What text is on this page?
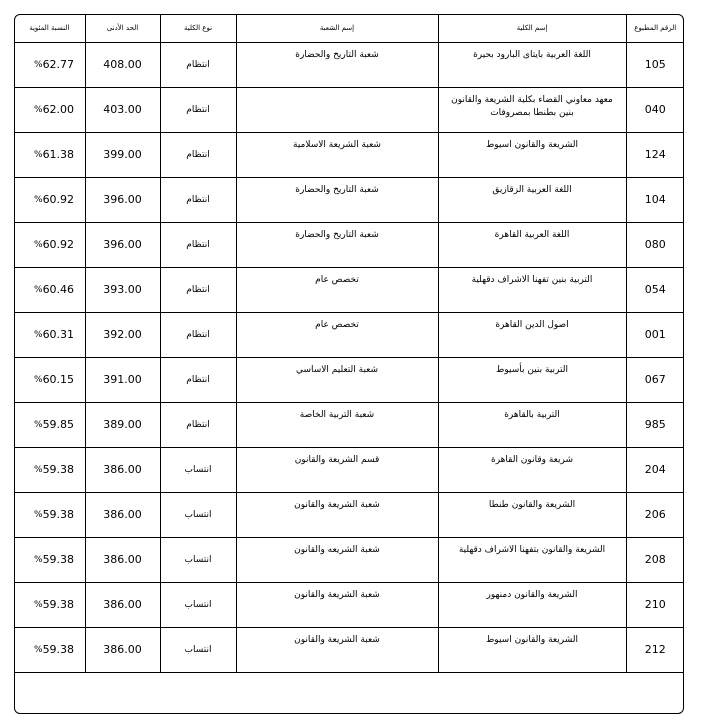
الرقم المطبوع	إسم الكلية	إسم الشعبة	نوع الكلية	الحد الأدنى	النسبة المئوية
105	اللغة العربية بايتاى البارود بحيرة	شعبة التاريخ والحضارة	انتظام	408.00	% 62.77

040	معهد معاوني القضاء بكلية الشريعة والقانون بنين بطنطا بمصروفات		انتظام	403.00	% 62.00

124	الشريعة والقانون اسيوط	شعبة الشريعة الاسلامية	انتظام	399.00	% 61.38

104	اللغة العربية الزقازيق	شعبة التاريخ والحضارة	انتظام	396.00	% 60.92

080	اللغة العربية القاهرة	شعبة التاريخ والحضارة	انتظام	396.00	% 60.92

054	التربية بنين تفهنا الاشراف دقهلية	تخصص عام	انتظام	393.00	% 60.46

001	اصول الدين القاهرة	تخصص عام	انتظام	392.00	% 60.31

067	التربية بنين بأسيوط	شعبة التعليم الاساسي	انتظام	391.00	% 60.15

985	التربية بالقاهرة	شعبة التربية الخاصة	انتظام	389.00	% 59.85

204	شريعة وقانون القاهرة	قسم الشريعة والقانون	انتساب	386.00	% 59.38

206	الشريعة والقانون طنطا	شعبة الشريعة والقانون	انتساب	386.00	% 59.38

208	الشريعة والقانون بتفهنا الاشراف دقهلية	شعبة الشريعه والقانون	انتساب	386.00	% 59.38

210	الشريعة والقانون دمنهور	شعبة الشريعة والقانون	انتساب	386.00	% 59.38

212	الشريعة والقانون اسيوط	شعبة الشريعة والقانون	انتساب	386.00	% 59.38
